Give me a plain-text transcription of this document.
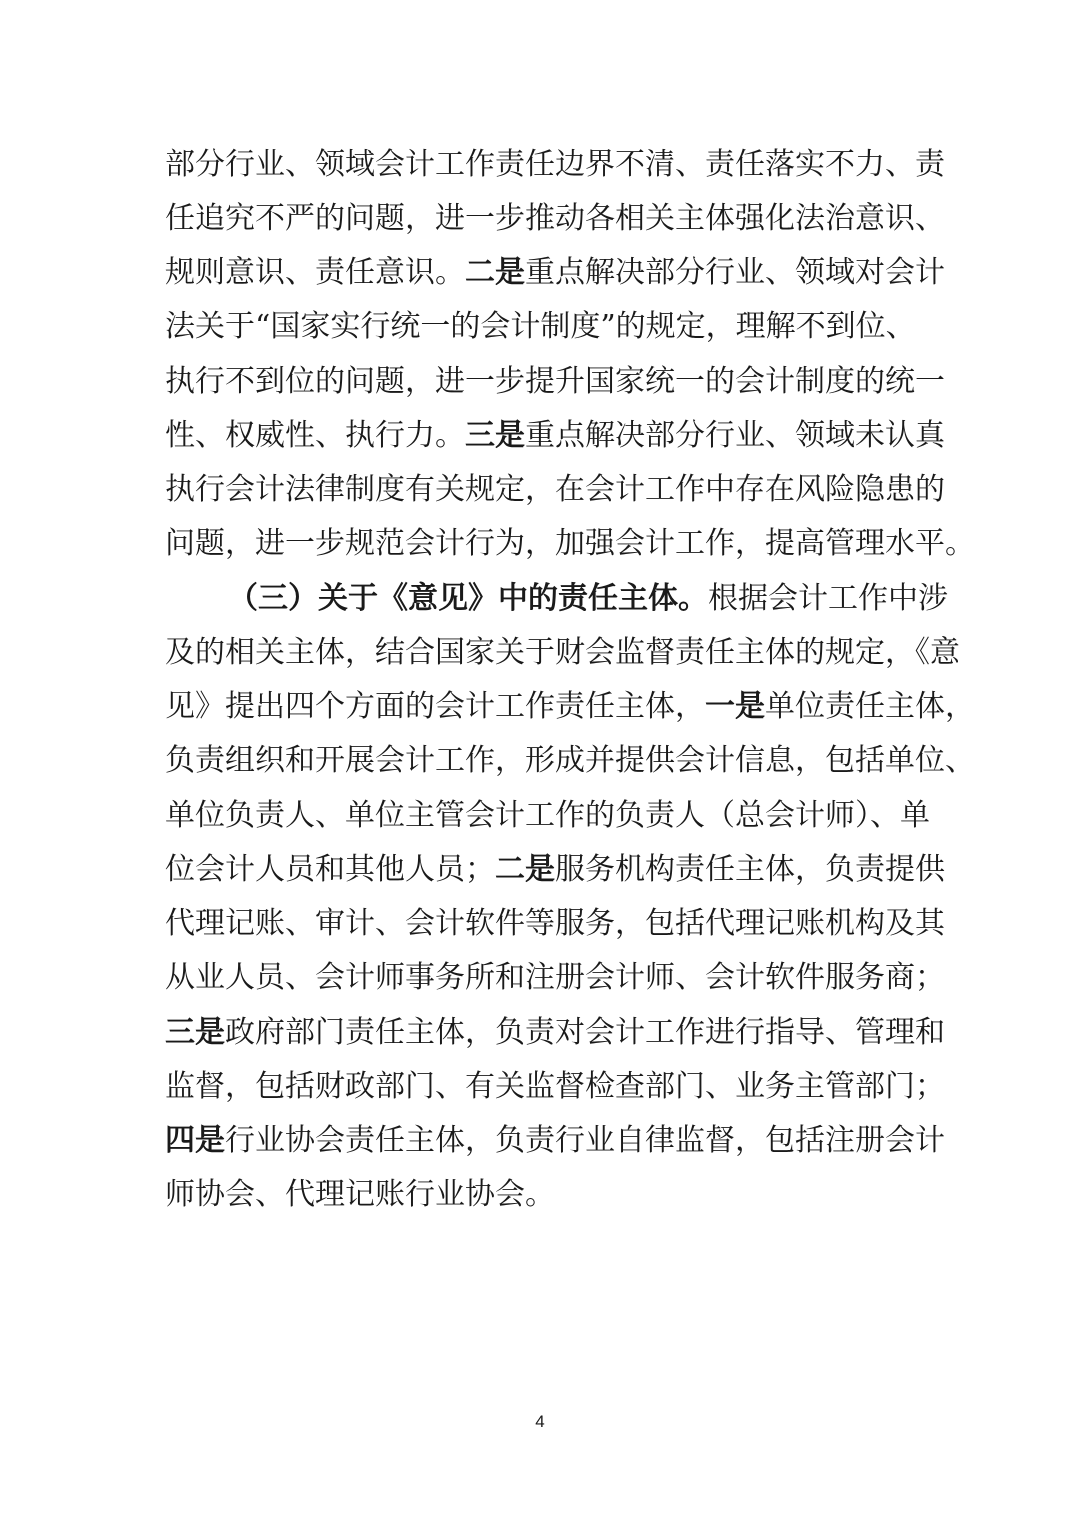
部分行业、领域会计工作责任边界不清、责任落实不力、责
任追究不严的问题，进一步推动各相关主体强化法治意识、
规则意识、责任意识。二是重点解决部分行业、领域对会计
法关于“国家实行统一的会计制度”的规定，理解不到位、
执行不到位的问题，进一步提升国家统一的会计制度的统一
性、权威性、执行力。三是重点解决部分行业、领域未认真
执行会计法律制度有关规定，在会计工作中存在风险隐患的
问题，进一步规范会计行为，加强会计工作，提高管理水平。
（三）关于《意见》中的责任主体。根据会计工作中涉
及的相关主体，结合国家关于财会监督责任主体的规定，《意
见》提出四个方面的会计工作责任主体，一是单位责任主体，
负责组织和开展会计工作，形成并提供会计信息，包括单位、
单位负责人、单位主管会计工作的负责人（总会计师）、单
位会计人员和其他人员；二是服务机构责任主体，负责提供
代理记账、审计、会计软件等服务，包括代理记账机构及其
从业人员、会计师事务所和注册会计师、会计软件服务商；
三是政府部门责任主体，负责对会计工作进行指导、管理和
监督，包括财政部门、有关监督检查部门、业务主管部门；
四是行业协会责任主体，负责行业自律监督，包括注册会计
师协会、代理记账行业协会。
4
